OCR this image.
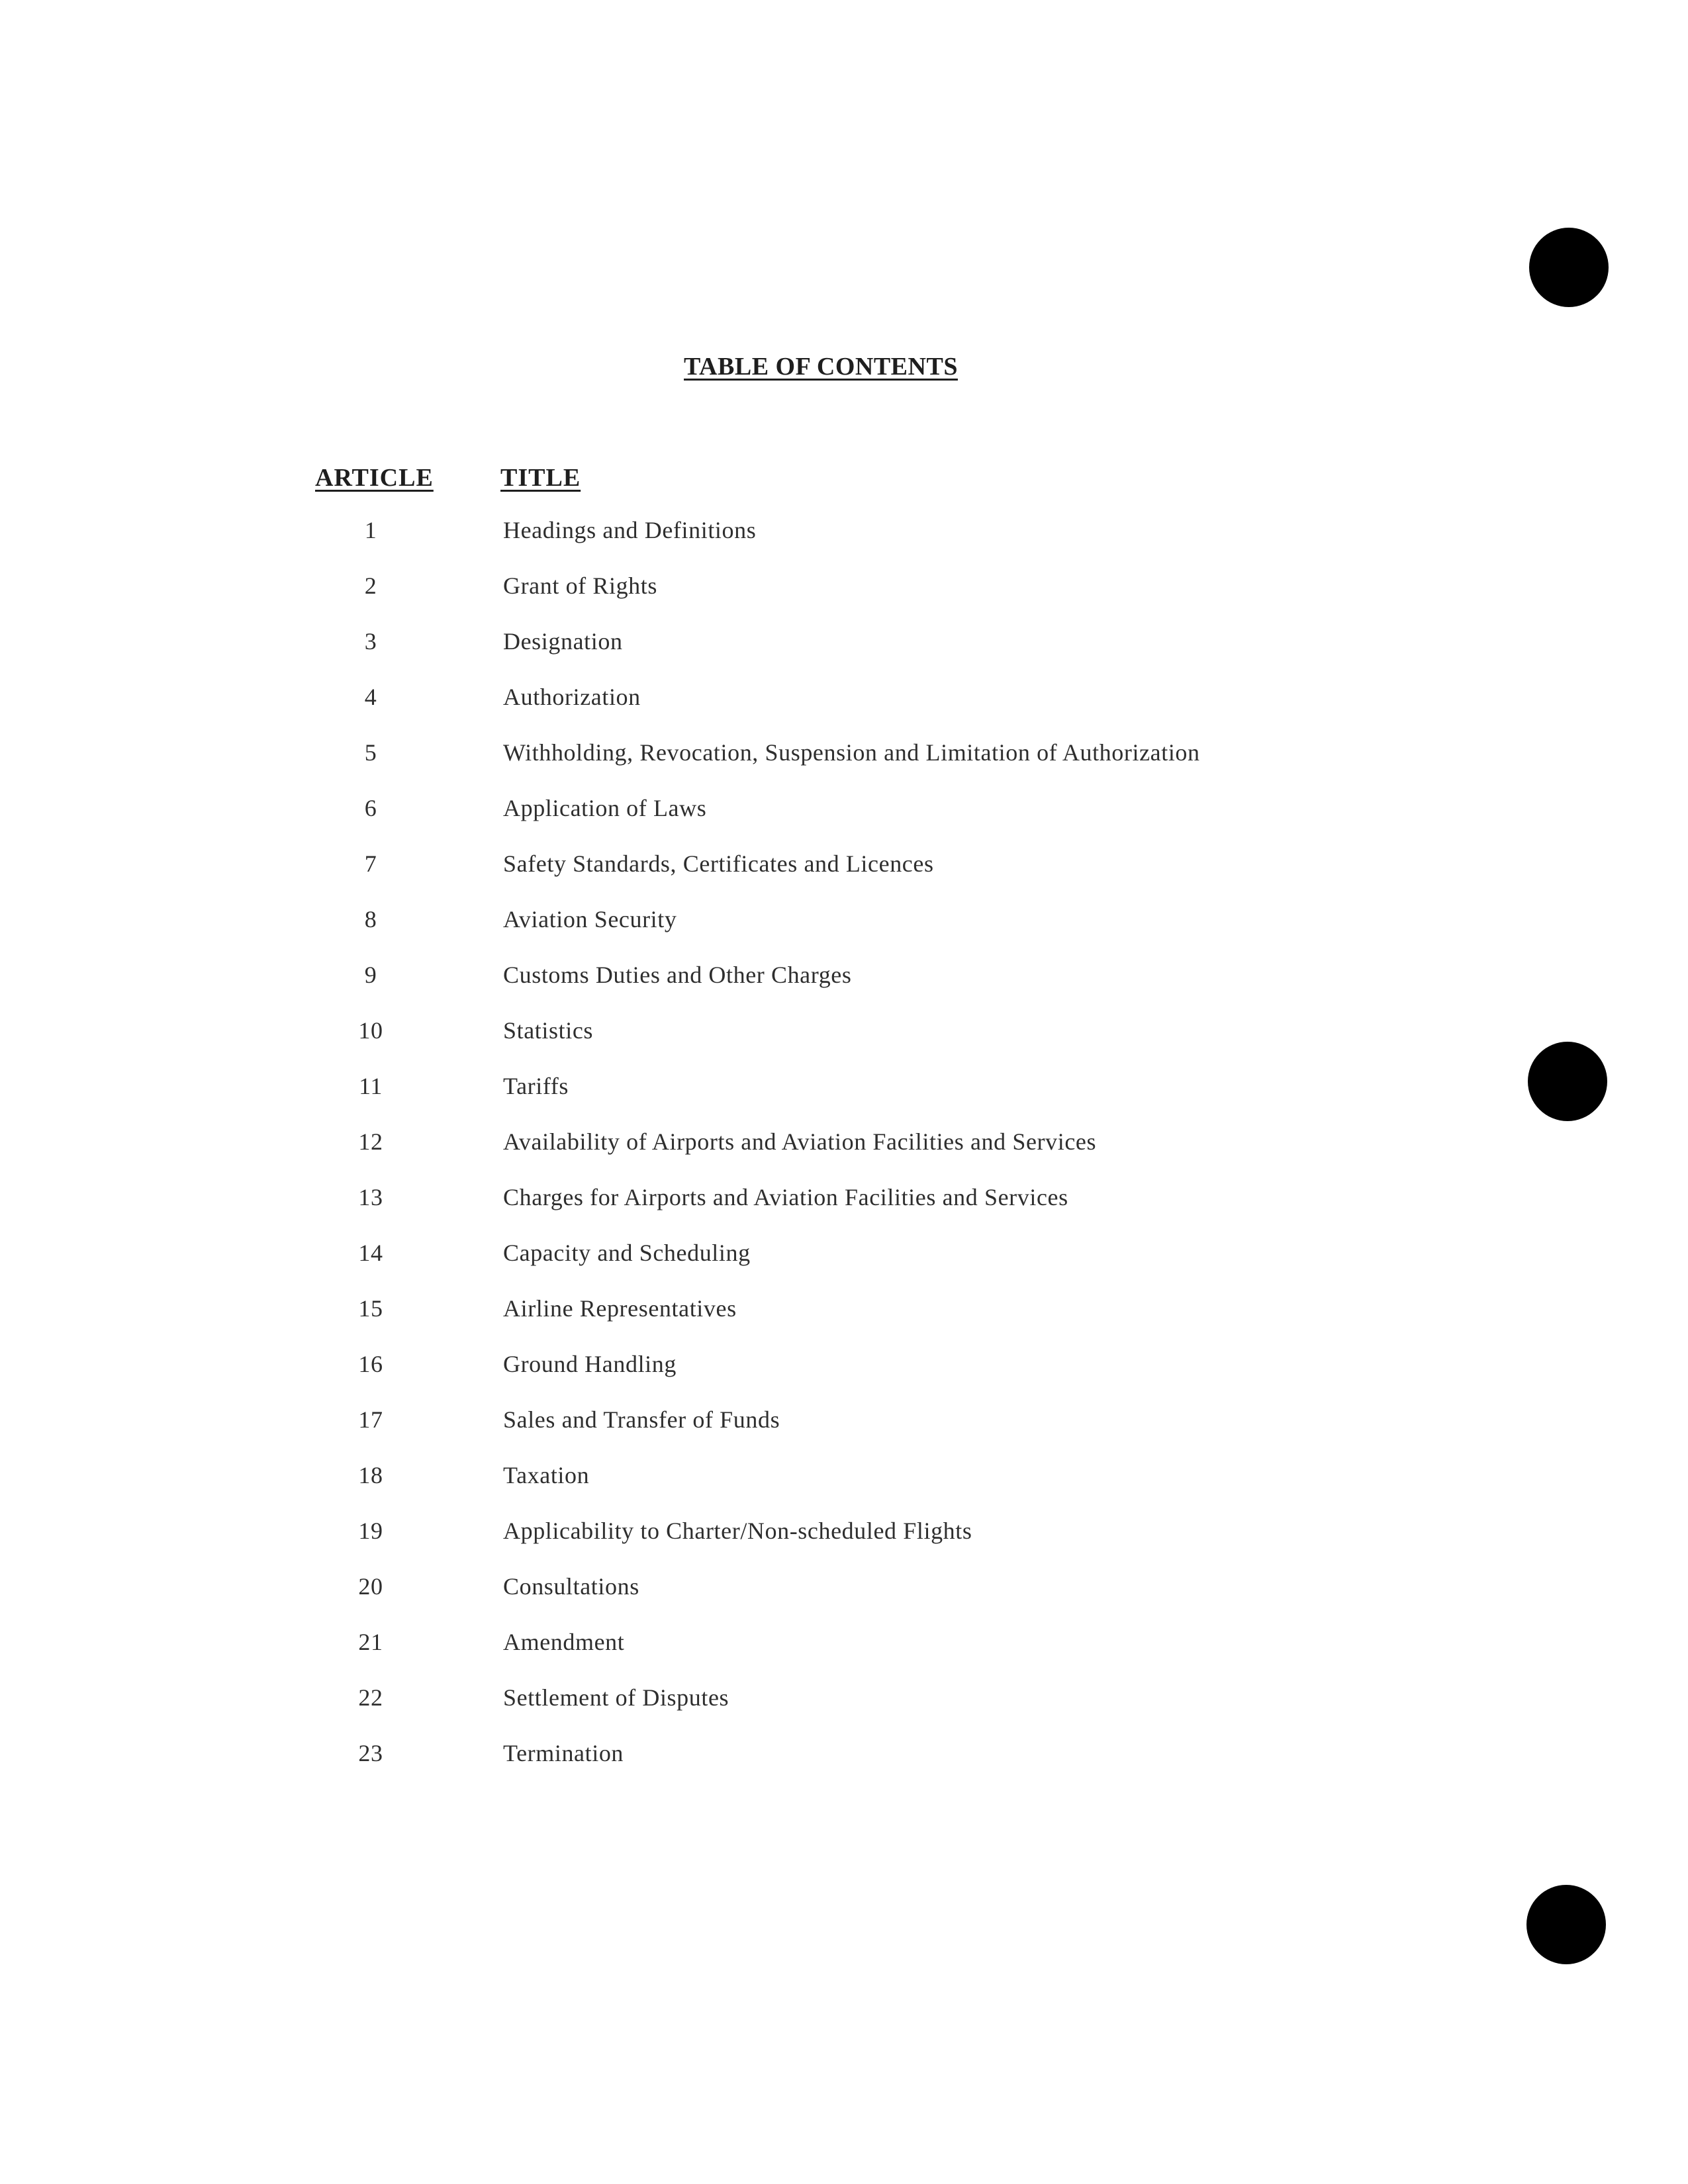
TABLE OF CONTENTS
ARTICLE	TITLE
1	Headings and Definitions
2	Grant of Rights
3	Designation
4	Authorization
5	Withholding, Revocation, Suspension and Limitation of Authorization
6	Application of Laws
7	Safety Standards, Certificates and Licences
8	Aviation Security
9	Customs Duties and Other Charges
10	Statistics
11	Tariffs
12	Availability of Airports and Aviation Facilities and Services
13	Charges for Airports and Aviation Facilities and Services
14	Capacity and Scheduling
15	Airline Representatives
16	Ground Handling
17	Sales and Transfer of Funds
18	Taxation
19	Applicability to Charter/Non-scheduled Flights
20	Consultations
21	Amendment
22	Settlement of Disputes
23	Termination
